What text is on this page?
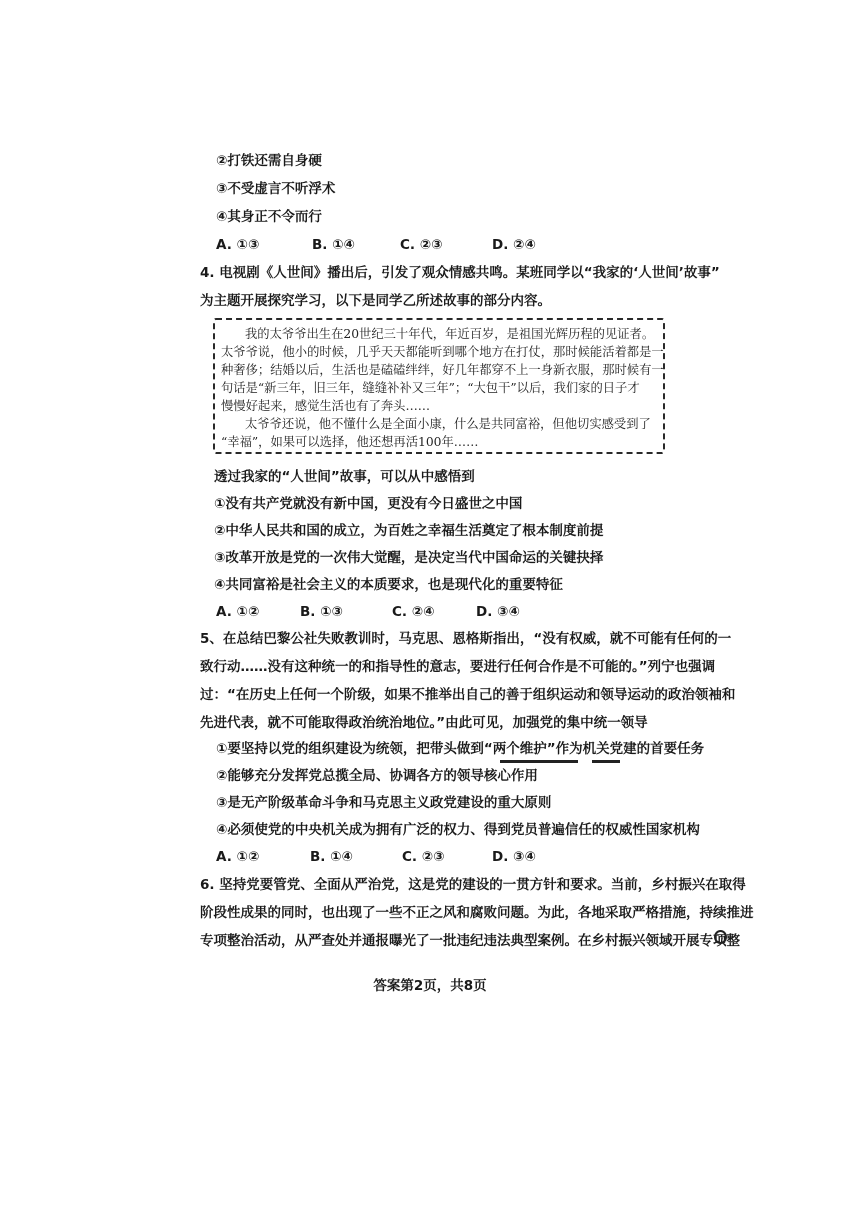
②打铁还需自身硬
③不受虚言不听浮术
④其身正不令而行
A. ①③	B. ①④	C. ②③	D. ②④
4. 电视剧《人世间》播出后，引发了观众情感共鸣。某班同学以“我家的‘人世间’故事”
为主题开展探究学习，以下是同学乙所述故事的部分内容。
我的太爷爷出生在20世纪三十年代，年近百岁，是祖国光辉历程的见证者。
太爷爷说，他小的时候，几乎天天都能听到哪个地方在打仗，那时候能活着都是一
种奢侈；结婚以后，生活也是磕磕绊绊，好几年都穿不上一身新衣服，那时候有一
句话是“新三年，旧三年，缝缝补补又三年”；“大包干”以后，我们家的日子才
慢慢好起来，感觉生活也有了奔头……
太爷爷还说，他不懂什么是全面小康，什么是共同富裕，但他切实感受到了
“幸福”，如果可以选择，他还想再活100年……
透过我家的“人世间”故事，可以从中感悟到
①没有共产党就没有新中国，更没有今日盛世之中国
②中华人民共和国的成立，为百姓之幸福生活奠定了根本制度前提
③改革开放是党的一次伟大觉醒，是决定当代中国命运的关键抉择
④共同富裕是社会主义的本质要求，也是现代化的重要特征
A. ①②	B. ①③	C. ②④	D. ③④
5、在总结巴黎公社失败教训时，马克思、恩格斯指出，“没有权威，就不可能有任何的一
致行动……没有这种统一的和指导性的意志，要进行任何合作是不可能的。”列宁也强调
过：“在历史上任何一个阶级，如果不推举出自己的善于组织运动和领导运动的政治领袖和
先进代表，就不可能取得政治统治地位。”由此可见，加强党的集中统一领导
①要坚持以党的组织建设为统领，把带头做到“两个维护”作为机关党建的首要任务
②能够充分发挥党总揽全局、协调各方的领导核心作用
③是无产阶级革命斗争和马克思主义政党建设的重大原则
④必须使党的中央机关成为拥有广泛的权力、得到党员普遍信任的权威性国家机构
A. ①②	B. ①④	C. ②③	D. ③④
6. 坚持党要管党、全面从严治党，这是党的建设的一贯方针和要求。当前，乡村振兴在取得
阶段性成果的同时，也出现了一些不正之风和腐败问题。为此，各地采取严格措施，持续推进
专项整治活动，从严查处并通报曝光了一批违纪违法典型案例。在乡村振兴领域开展专项整
答案第2页，共8页
